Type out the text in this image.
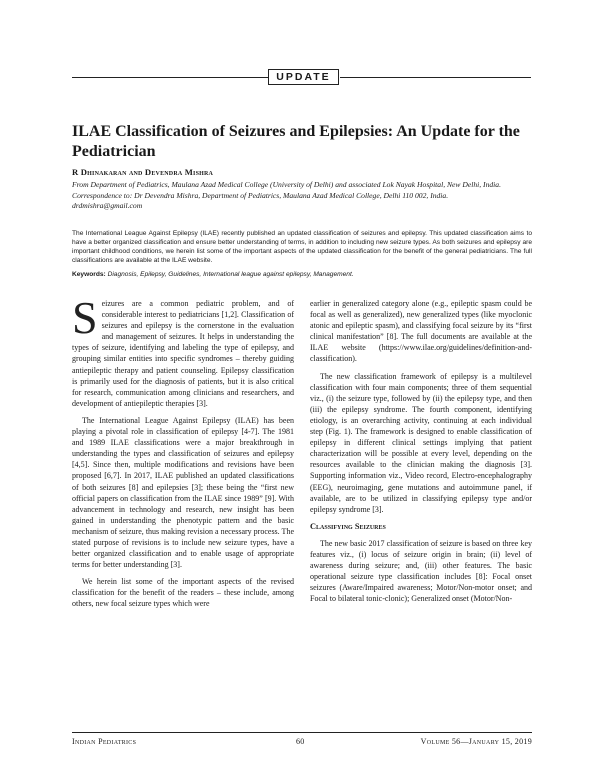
UPDATE
ILAE Classification of Seizures and Epilepsies: An Update for the Pediatrician
R Dhinakaran and Devendra Mishra
From Department of Pediatrics, Maulana Azad Medical College (University of Delhi) and associated Lok Nayak Hospital, New Delhi, India.
Correspondence to: Dr Devendra Mishra, Department of Pediatrics, Maulana Azad Medical College, Delhi 110 002, India.
drdmishra@gmail.com
The International League Against Epilepsy (ILAE) recently published an updated classification of seizures and epilepsy. This updated classification aims to have a better organized classification and ensure better understanding of terms, in addition to including new seizure types. As both seizures and epilepsy are important childhood conditions, we herein list some of the important aspects of the updated classification for the benefit of the general pediatricians. The full classifications are available at the ILAE website.
Keywords: Diagnosis, Epilepsy, Guidelines, International league against epilepsy, Management.

S eizures are a common pediatric problem, and of considerable interest to pediatricians [1,2]. Classification of seizures and epilepsy is the cornerstone in the evaluation and management of seizures. It helps in understanding the types of seizure, identifying and labeling the type of epilepsy, and grouping similar entities into specific syndromes – thereby guiding antiepileptic therapy and patient counseling. Epilepsy classification is primarily used for the diagnosis of patients, but it is also critical for research, communication among clinicians and researchers, and development of antiepileptic therapies [3].

The International League Against Epilepsy (ILAE) has been playing a pivotal role in classification of epilepsy [4-7]. The 1981 and 1989 ILAE classifications were a major breakthrough in understanding the types and classification of seizures and epilepsy [4,5]. Since then, multiple modifications and revisions have been proposed [6,7]. In 2017, ILAE published an updated classifications of both seizures [8] and epilepsies [3]; these being the “first new official papers on classification from the ILAE since 1989” [9]. With advancement in technology and research, new insight has been gained in understanding the phenotypic pattern and the basic mechanism of seizure, thus making revision a necessary process. The stated purpose of revisions is to include new seizure types, have a better organized classification and to enable usage of appropriate terms for better understanding [3].

We herein list some of the important aspects of the revised classification for the benefit of the readers – these include, among others, new focal seizure types which were

earlier in generalized category alone (e.g., epileptic spasm could be focal as well as generalized), new generalized types (like myoclonic atonic and epileptic spasm), and classifying focal seizure by its “first clinical manifestation” [8]. The full documents are available at the ILAE website (https://www.ilae.org/guidelines/definition-and-classification).

The new classification framework of epilepsy is a multilevel classification with four main components; three of them sequential viz., (i) the seizure type, followed by (ii) the epilepsy type, and then (iii) the epilepsy syndrome. The fourth component, identifying etiology, is an overarching activity, continuing at each individual step (Fig. 1). The framework is designed to enable classification of epilepsy in different clinical settings implying that patient characterization will be possible at every level, depending on the resources available to the clinician making the diagnosis [3]. Supporting information viz., Video record, Electro-encephalography (EEG), neuroimaging, gene mutations and autoimmune panel, if available, are to be utilized in classifying epilepsy type and/or epilepsy syndrome [3].

Classifying Seizures

The new basic 2017 classification of seizure is based on three key features viz., (i) locus of seizure origin in brain; (ii) level of awareness during seizure; and, (iii) other features. The basic operational seizure type classification includes [8]: Focal onset seizures (Aware/Impaired awareness; Motor/Non-motor onset; and Focal to bilateral tonic-clonic); Generalized onset (Motor/Non-

Indian Pediatrics	60	Volume 56—January 15, 2019
